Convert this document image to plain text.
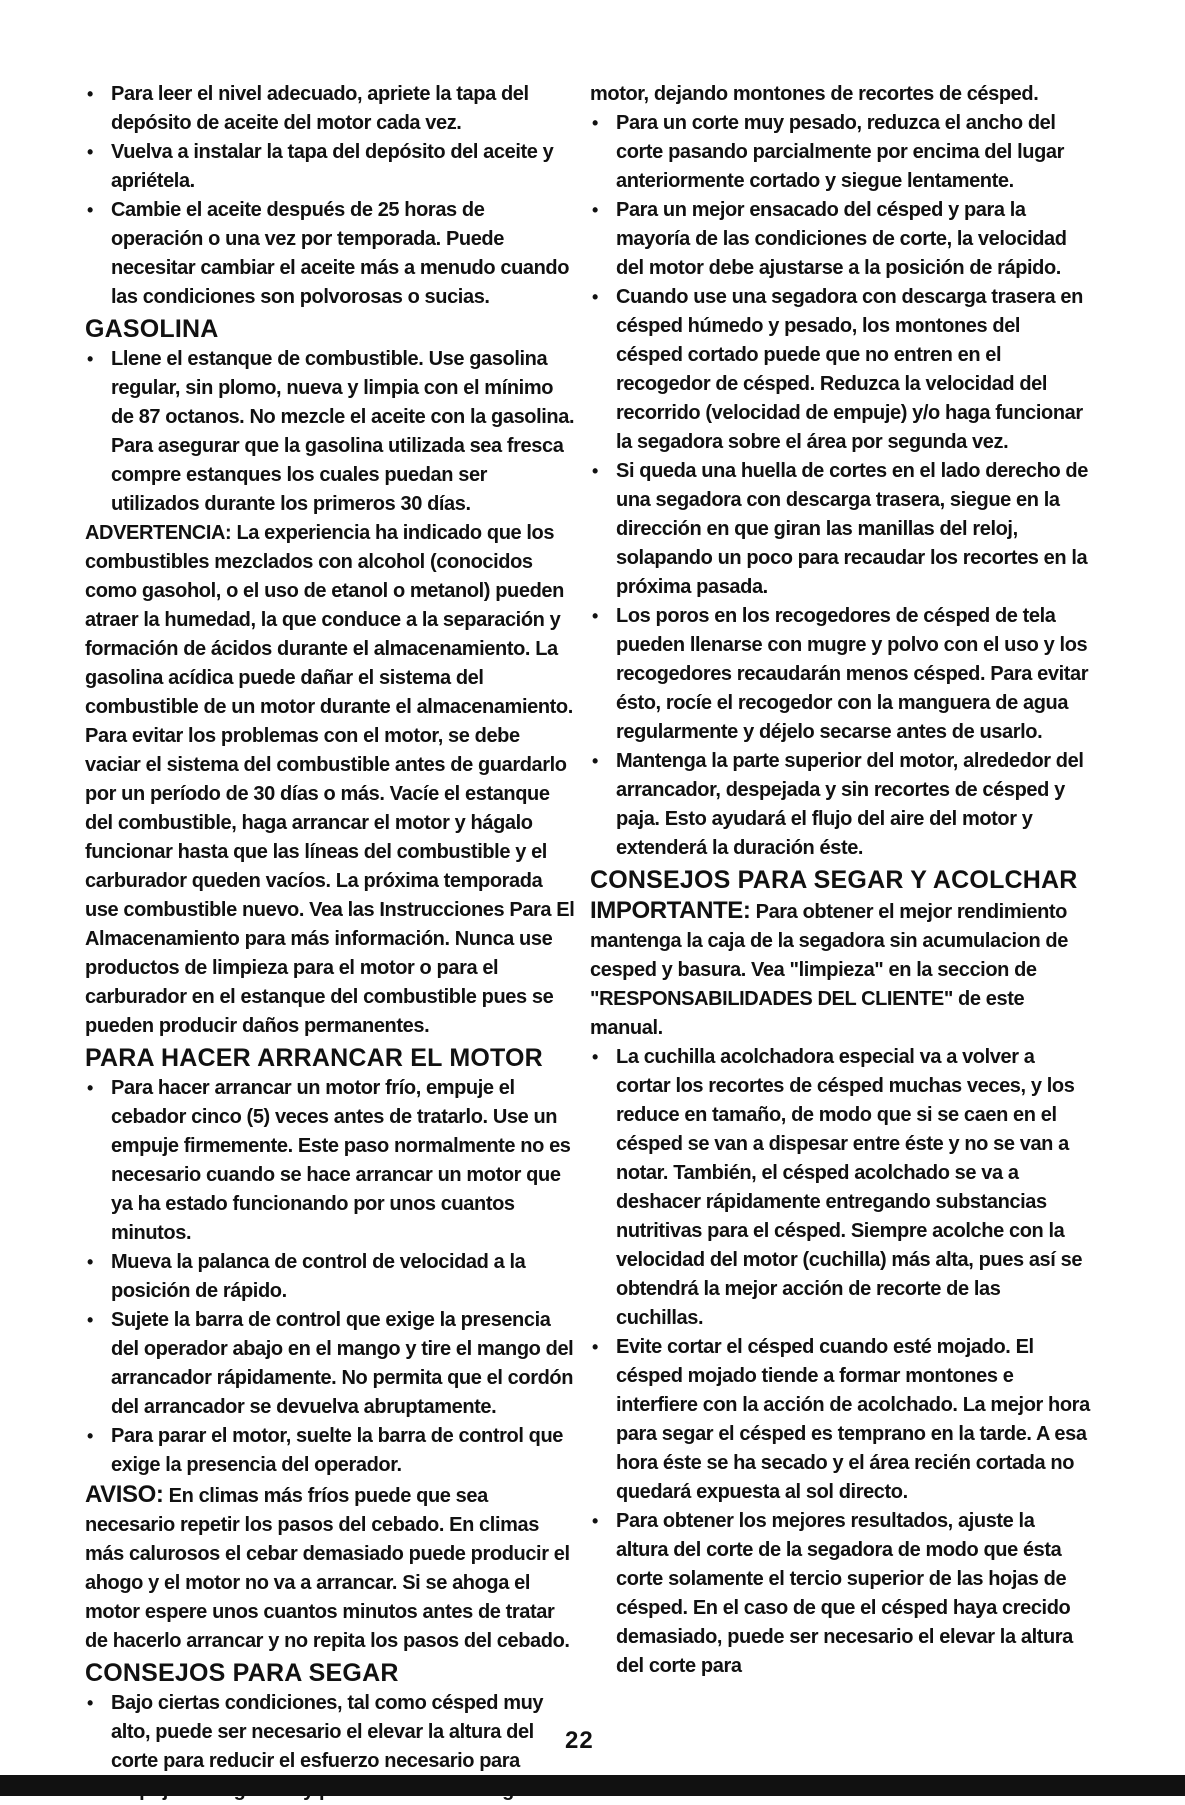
• Para leer el nivel adecuado, apriete la tapa del depósito de aceite del motor cada vez.
• Vuelva a instalar la tapa del depósito del aceite y apriétela.
• Cambie el aceite después de 25 horas de operación o una vez por temporada. Puede necesitar cambiar el aceite más a menudo cuando las condiciones son polvorosas o sucias.
GASOLINA
• Llene el estanque de combustible. Use gasolina regular, sin plomo, nueva y limpia con el mínimo de 87 octanos. No mezcle el aceite con la gasolina. Para asegurar que la gasolina utilizada sea fresca compre estanques los cuales puedan ser utilizados durante los primeros 30 días.

ADVERTENCIA: La experiencia ha indicado que los combustibles mezclados con alcohol (conocidos como gasohol, o el uso de etanol o metanol) pueden atraer la humedad, la que conduce a la separación y formación de ácidos durante el almacenamiento. La gasolina acídica puede dañar el sistema del combustible de un motor durante el almacenamiento. Para evitar los problemas con el motor, se debe vaciar el sistema del combustible antes de guardarlo por un período de 30 días o más. Vacíe el estanque del combustible, haga arrancar el motor y hágalo funcionar hasta que las líneas del combustible y el carburador queden vacíos. La próxima temporada use combustible nuevo. Vea las Instrucciones Para El Almacenamiento para más información. Nunca use productos de limpieza para el motor o para el carburador en el estanque del combustible pues se pueden producir daños permanentes.

PARA HACER ARRANCAR EL MOTOR
• Para hacer arrancar un motor frío, empuje el cebador cinco (5) veces antes de tratarlo. Use un empuje firmemente. Este paso normalmente no es necesario cuando se hace arrancar un motor que ya ha estado funcionando por unos cuantos minutos.
• Mueva la palanca de control de velocidad a la posición de rápido.
• Sujete la barra de control que exige la presencia del operador abajo en el mango y tire el mango del arrancador rápidamente. No permita que el cordón del arrancador se devuelva abruptamente.
• Para parar el motor, suelte la barra de control que exige la presencia del operador.

AVISO: En climas más fríos puede que sea necesario repetir los pasos del cebado. En climas más calurosos el cebar demasiado puede producir el ahogo y el motor no va a arrancar. Si se ahoga el motor espere unos cuantos minutos antes de tratar de hacerlo arrancar y no repita los pasos del cebado.

CONSEJOS PARA SEGAR
• Bajo ciertas condiciones, tal como césped muy alto, puede ser necesario el elevar la altura del corte para reducir el esfuerzo necesario para

motor, dejando montones de recortes de césped.

• Para un corte muy pesado, reduzca el ancho del corte pasando parcialmente por encima del lugar anteriormente cortado y siegue lentamente.
• Para un mejor ensacado del césped y para la mayoría de las condiciones de corte, la velocidad del motor debe ajustarse a la posición de rápido.
• Cuando use una segadora con descarga trasera en césped húmedo y pesado, los montones del césped cortado puede que no entren en el recogedor de césped. Reduzca la velocidad del recorrido (velocidad de empuje) y/o haga funcionar la segadora sobre el área por segunda vez.
• Si queda una huella de cortes en el lado derecho de una segadora con descarga trasera, siegue en la dirección en que giran las manillas del reloj, solapando un poco para recaudar los recortes en la próxima pasada.
• Los poros en los recogedores de césped de tela pueden llenarse con mugre y polvo con el uso y los recogedores recaudarán menos césped. Para evitar ésto, rocíe el recogedor con la manguera de agua regularmente y déjelo secarse antes de usarlo.
• Mantenga la parte superior del motor, alrededor del arrancador, despejada y sin recortes de césped y paja. Esto ayudará el flujo del aire del motor y extenderá la duración éste.
CONSEJOS PARA SEGAR Y ACOLCHAR

IMPORTANTE: Para obtener el mejor rendimiento mantenga la caja de la segadora sin acumulacion de cesped y basura. Vea "limpieza" en la seccion de "RESPONSABILIDADES DEL CLIENTE" de este manual.

• La cuchilla acolchadora especial va a volver a cortar los recortes de césped muchas veces, y los reduce en tamaño, de modo que si se caen en el césped se van a dispesar entre éste y no se van a notar. También, el césped acolchado se va a deshacer rápidamente entregando substancias nutritivas para el césped. Siempre acolche con la velocidad del motor (cuchilla) más alta, pues así se obtendrá la mejor acción de recorte de las cuchillas.
• Evite cortar el césped cuando esté mojado. El césped mojado tiende a formar montones e interfiere con la acción de acolchado. La mejor hora para segar el césped es temprano en la tarde. A esa hora éste se ha secado y el área recién cortada no quedará expuesta al sol directo.
• Para obtener los mejores resultados, ajuste la altura del corte de la segadora de modo que ésta corte solamente el tercio superior de las hojas de césped. En el caso de que el césped haya crecido demasiado, puede ser necesario el elevar la altura del corte para
22
